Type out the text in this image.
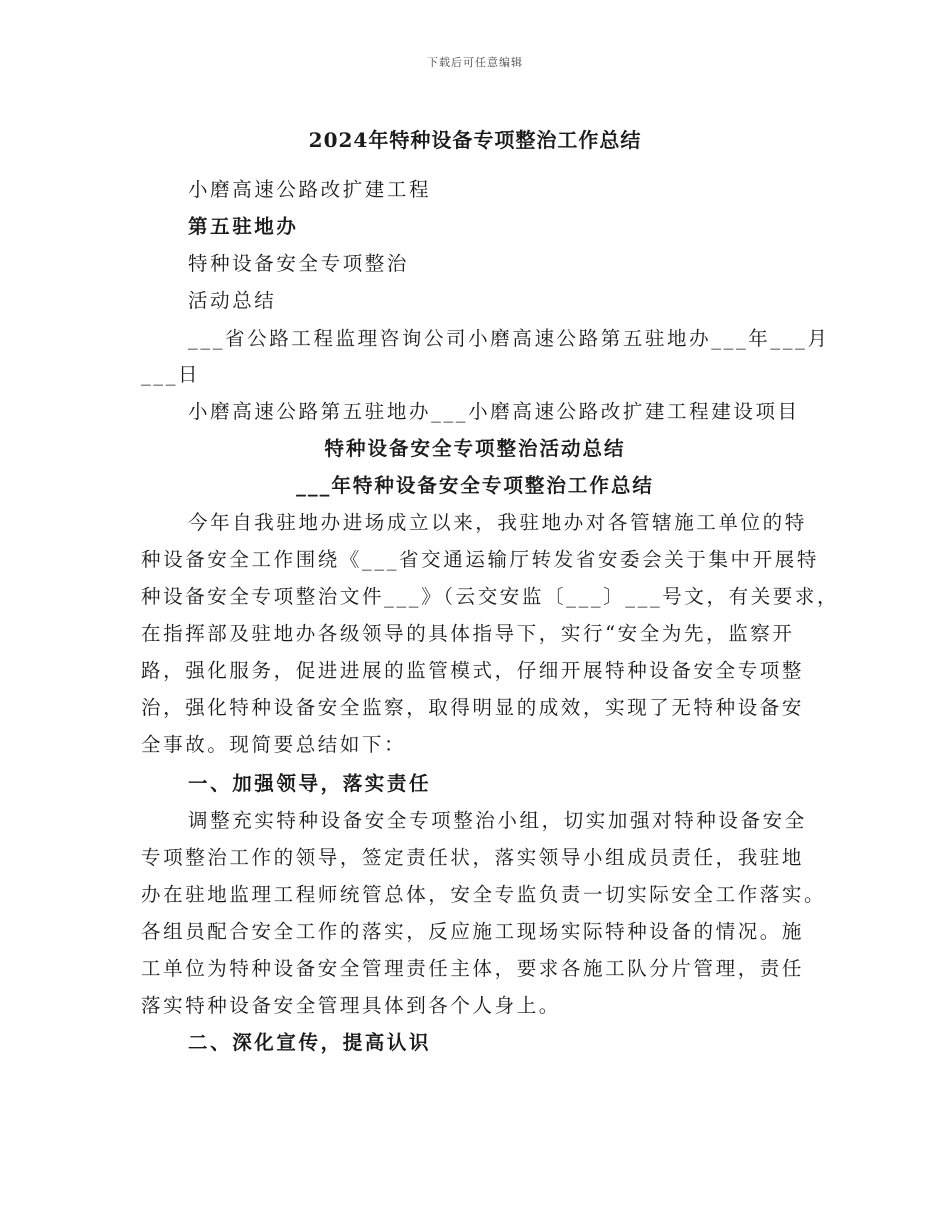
下载后可任意编辑
2024年特种设备专项整治工作总结
小磨高速公路改扩建工程
第五驻地办
特种设备安全专项整治
活动总结
___省公路工程监理咨询公司小磨高速公路第五驻地办___年___月
___日
小磨高速公路第五驻地办___小磨高速公路改扩建工程建设项目
特种设备安全专项整治活动总结
___年特种设备安全专项整治工作总结
今年自我驻地办进场成立以来，我驻地办对各管辖施工单位的特
种设备安全工作围绕《___省交通运输厅转发省安委会关于集中开展特
种设备安全专项整治文件___》（云交安监〔___〕___号文，有关要求，
在指挥部及驻地办各级领导的具体指导下，实行“安全为先，监察开
路，强化服务，促进进展的监管模式，仔细开展特种设备安全专项整
治，强化特种设备安全监察，取得明显的成效，实现了无特种设备安
全事故。现简要总结如下：
一、加强领导，落实责任
调整充实特种设备安全专项整治小组，切实加强对特种设备安全
专项整治工作的领导，签定责任状，落实领导小组成员责任，我驻地
办在驻地监理工程师统管总体，安全专监负责一切实际安全工作落实。
各组员配合安全工作的落实，反应施工现场实际特种设备的情况。施
工单位为特种设备安全管理责任主体，要求各施工队分片管理，责任
落实特种设备安全管理具体到各个人身上。
二、深化宣传，提高认识
